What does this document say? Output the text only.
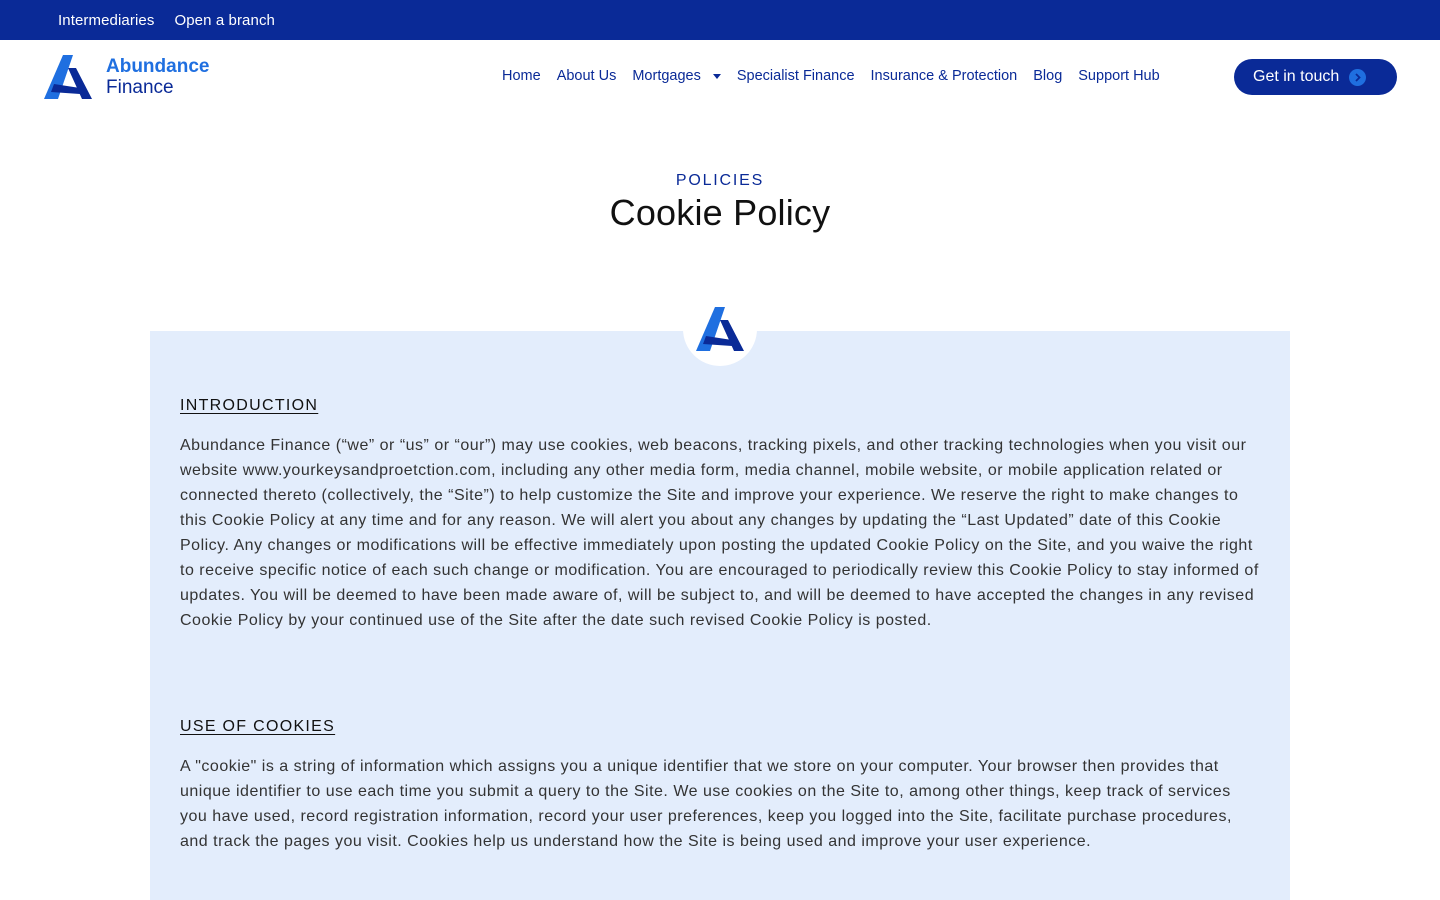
Intermediaries Open a branch
Abundance
Finance
Home About Us Mortgages Specialist Finance Insurance & Protection Blog Support Hub	Get in touch
POLICIES
Cookie Policy
INTRODUCTION

Abundance Finance (“we” or “us” or “our”) may use cookies, web beacons, tracking pixels, and other tracking technologies when you visit our website www.yourkeysandproetction.com, including any other media form, media channel, mobile website, or mobile application related or connected thereto (collectively, the “Site”) to help customize the Site and improve your experience. We reserve the right to make changes to this Cookie Policy at any time and for any reason. We will alert you about any changes by updating the “Last Updated” date of this Cookie Policy. Any changes or modifications will be effective immediately upon posting the updated Cookie Policy on the Site, and you waive the right to receive specific notice of each such change or modification. You are encouraged to periodically review this Cookie Policy to stay informed of updates. You will be deemed to have been made aware of, will be subject to, and will be deemed to have accepted the changes in any revised Cookie Policy by your continued use of the Site after the date such revised Cookie Policy is posted.

USE OF COOKIES

A "cookie" is a string of information which assigns you a unique identifier that we store on your computer. Your browser then provides that unique identifier to use each time you submit a query to the Site. We use cookies on the Site to, among other things, keep track of services you have used, record registration information, record your user preferences, keep you logged into the Site, facilitate purchase procedures, and track the pages you visit. Cookies help us understand how the Site is being used and improve your user experience.
